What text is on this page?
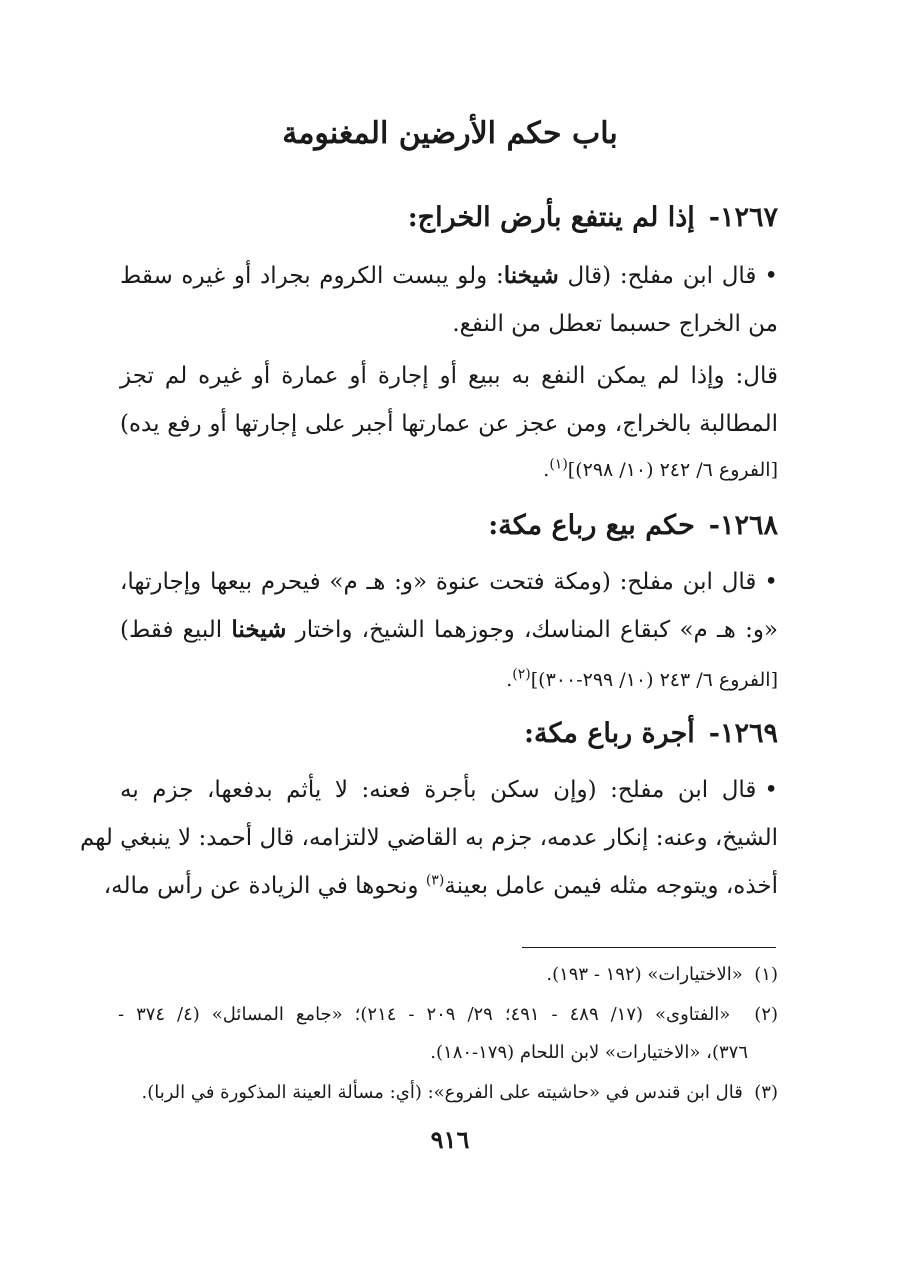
باب حكم الأرضين المغنومة
١٢٦٧-إذا لم ينتفع بأرض الخراج:
•قال ابن مفلح: (قال شيخنا: ولو يبست الكروم بجراد أو غيره سقط
من الخراج حسبما تعطل من النفع.
قال: وإذا لم يمكن النفع به ببيع أو إجارة أو عمارة أو غيره لم تجز
المطالبة بالخراج، ومن عجز عن عمارتها أجبر على إجارتها أو رفع يده)
[الفروع ٦/ ٢٤٢ (١٠/ ٢٩٨)]$^{(١)}$.
١٢٦٨-حكم بيع رباع مكة:
•قال ابن مفلح: (ومكة فتحت عنوة «و: هـ م» فيحرم بيعها وإجارتها،
«و: هـ م» كبقاع المناسك، وجوزهما الشيخ، واختار شيخنا البيع فقط)
[الفروع ٦/ ٢٤٣ (١٠/ ٢٩٩-٣٠٠)]$^{(٢)}$.
١٢٦٩-أجرة رباع مكة:
•قال ابن مفلح: (وإن سكن بأجرة فعنه: لا يأثم بدفعها، جزم به
الشيخ، وعنه: إنكار عدمه، جزم به القاضي لالتزامه، قال أحمد: لا ينبغي لهم
أخذه، ويتوجه مثله فيمن عامل بعينة$^{(٣)}$ ونحوها في الزيادة عن رأس ماله،
(١)  «الاختيارات» (١٩٢ - ١٩٣).
(٢)  «الفتاوى» (١٧/ ٤٨٩ - ٤٩١؛ ٢٩/ ٢٠٩ - ٢١٤)؛ «جامع المسائل» (٤/ ٣٧٤ -
٣٧٦)، «الاختيارات» لابن اللحام (١٧٩-١٨٠).
(٣)  قال ابن قندس في «حاشيته على الفروع»: (أي: مسألة العينة المذكورة في الربا).
٩١٦
